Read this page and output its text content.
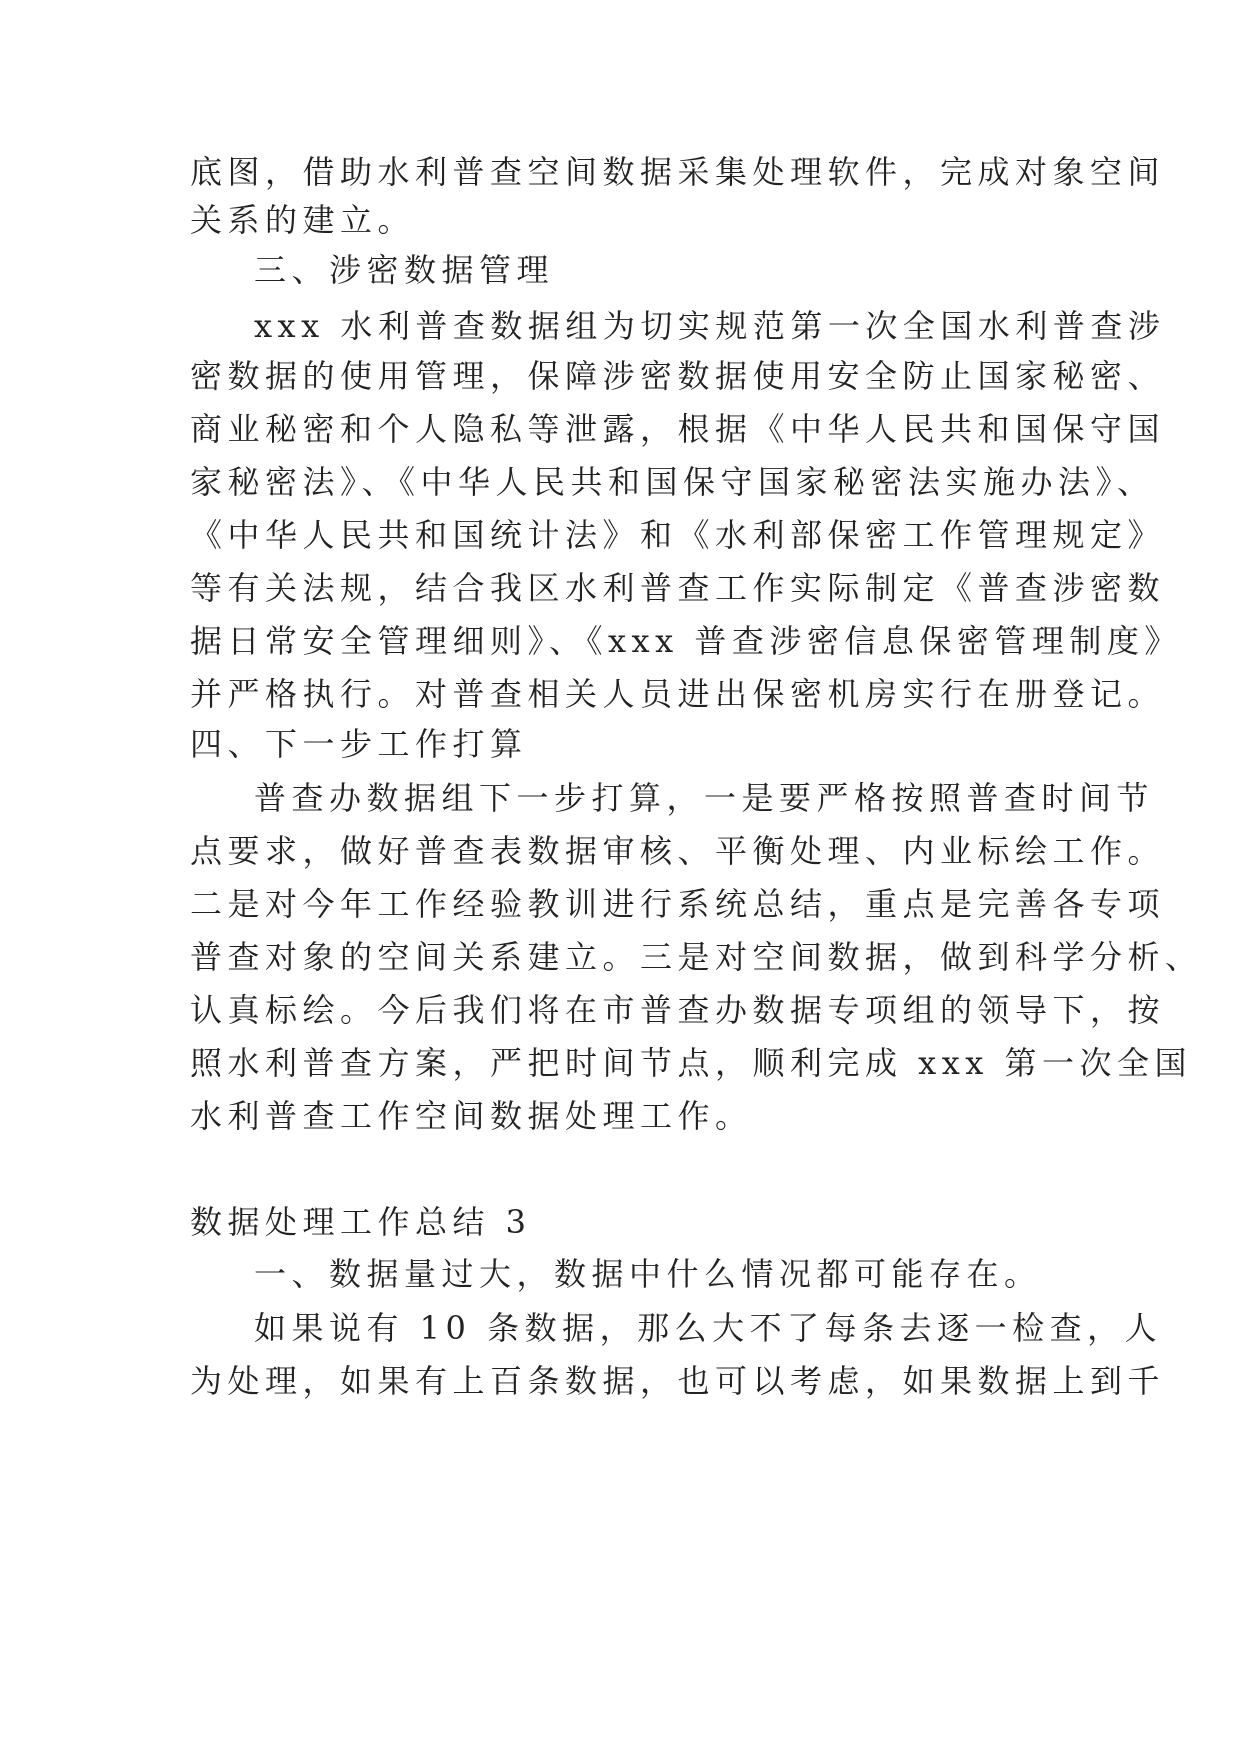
底图，借助水利普查空间数据采集处理软件，完成对象空间

关系的建立。

三、涉密数据管理

xxx 水利普查数据组为切实规范第一次全国水利普查涉

密数据的使用管理，保障涉密数据使用安全防止国家秘密、

商业秘密和个人隐私等泄露，根据《中华人民共和国保守国

家秘密法》、《中华人民共和国保守国家秘密法实施办法》、

《中华人民共和国统计法》和《水利部保密工作管理规定》

等有关法规，结合我区水利普查工作实际制定《普查涉密数

据日常安全管理细则》、《xxx 普查涉密信息保密管理制度》

并严格执行。对普查相关人员进出保密机房实行在册登记。

四、下一步工作打算

普查办数据组下一步打算，一是要严格按照普查时间节

点要求，做好普查表数据审核、平衡处理、内业标绘工作。

二是对今年工作经验教训进行系统总结，重点是完善各专项

普查对象的空间关系建立。三是对空间数据，做到科学分析、

认真标绘。今后我们将在市普查办数据专项组的领导下，按

照水利普查方案，严把时间节点，顺利完成 xxx 第一次全国

水利普查工作空间数据处理工作。

数据处理工作总结 3

一、数据量过大，数据中什么情况都可能存在。

如果说有 10 条数据，那么大不了每条去逐一检查，人

为处理，如果有上百条数据，也可以考虑，如果数据上到千
